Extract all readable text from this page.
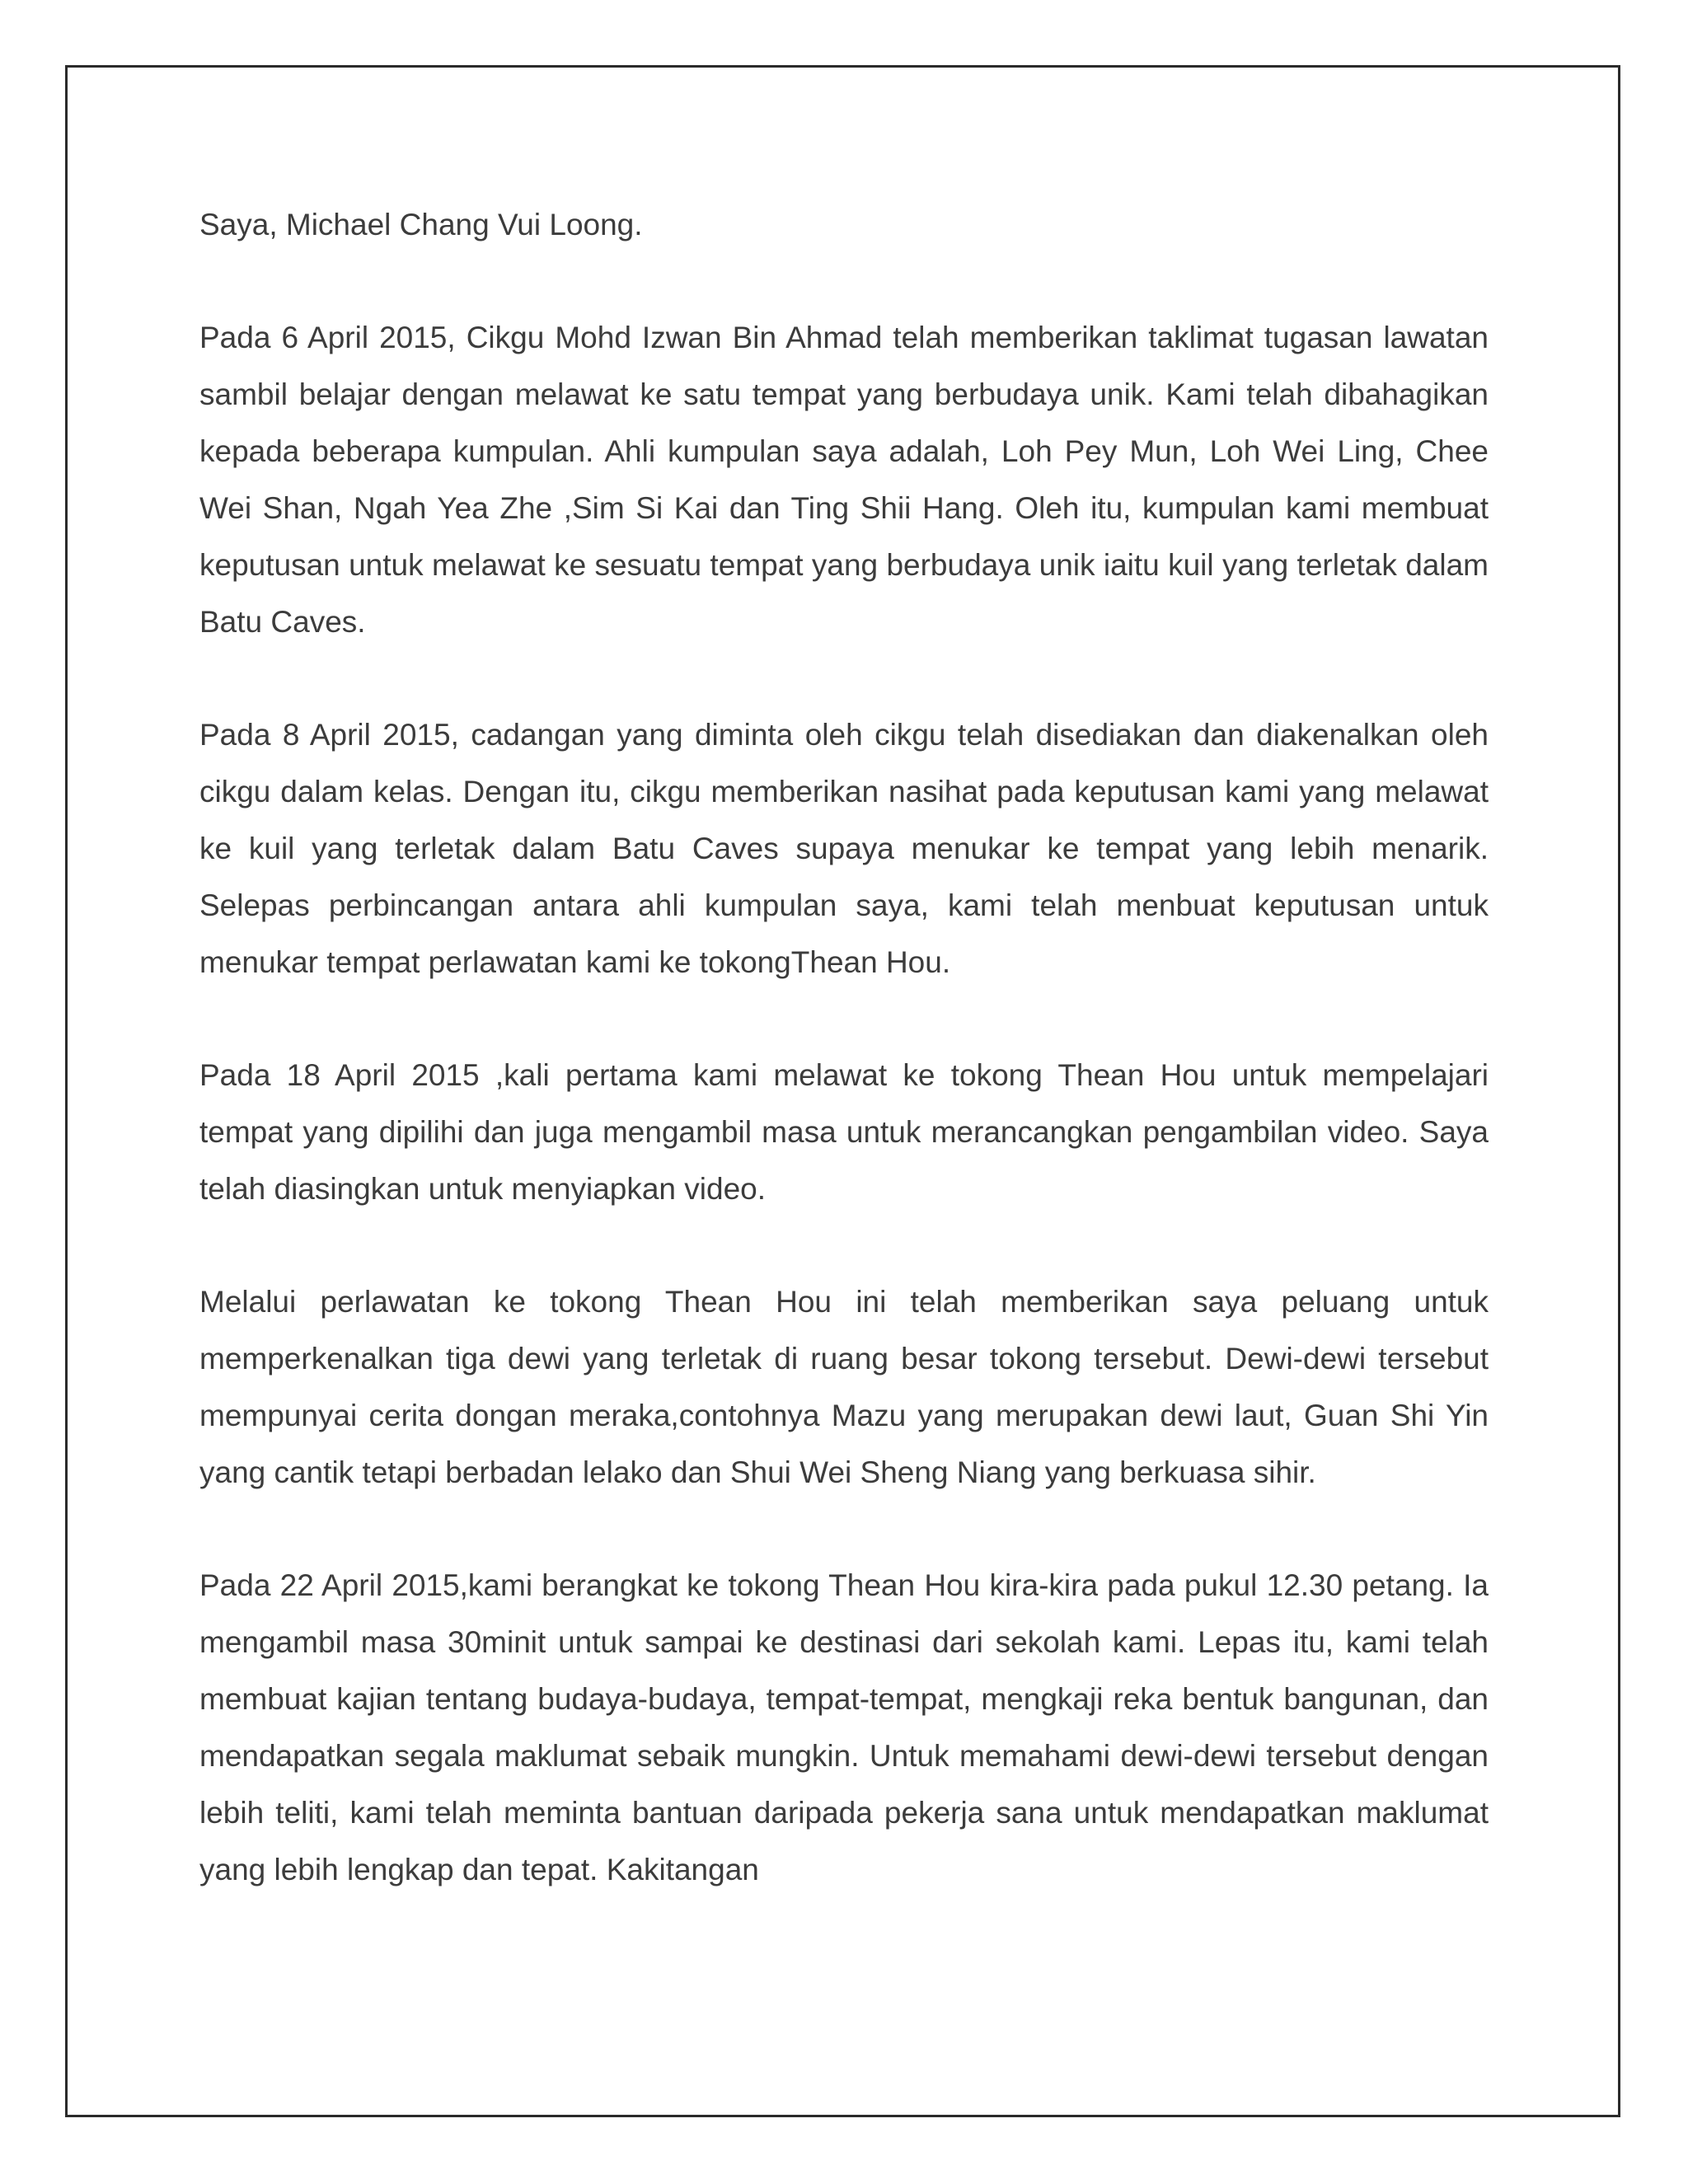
Saya, Michael Chang Vui Loong.

Pada 6 April 2015, Cikgu Mohd Izwan Bin Ahmad telah memberikan taklimat tugasan lawatan sambil belajar dengan melawat ke satu tempat yang berbudaya unik. Kami telah dibahagikan kepada beberapa kumpulan. Ahli kumpulan saya adalah, Loh Pey Mun, Loh Wei Ling, Chee Wei Shan, Ngah Yea Zhe ,Sim Si Kai dan Ting Shii Hang. Oleh itu, kumpulan kami membuat keputusan untuk melawat ke sesuatu tempat yang berbudaya unik iaitu kuil yang terletak dalam Batu Caves.

Pada 8 April 2015, cadangan yang diminta oleh cikgu telah disediakan dan diakenalkan oleh cikgu dalam kelas. Dengan itu, cikgu memberikan nasihat pada keputusan kami yang melawat ke kuil yang terletak dalam Batu Caves supaya menukar ke tempat yang lebih menarik. Selepas perbincangan antara ahli kumpulan saya, kami telah menbuat keputusan untuk menukar tempat perlawatan kami ke tokongThean Hou.

Pada 18 April 2015 ,kali pertama kami melawat ke tokong Thean Hou untuk mempelajari tempat yang dipilihi dan juga mengambil masa untuk merancangkan pengambilan video. Saya telah diasingkan untuk menyiapkan video.

Melalui perlawatan ke tokong Thean Hou ini telah memberikan saya peluang untuk memperkenalkan tiga dewi yang terletak di ruang besar tokong tersebut. Dewi-dewi tersebut mempunyai cerita dongan meraka,contohnya Mazu yang merupakan dewi laut, Guan Shi Yin yang cantik tetapi berbadan lelako dan Shui Wei Sheng Niang yang berkuasa sihir.

Pada 22 April 2015,kami berangkat ke tokong Thean Hou kira-kira pada pukul 12.30 petang. Ia mengambil masa 30minit untuk sampai ke destinasi dari sekolah kami. Lepas itu, kami telah membuat kajian tentang budaya-budaya, tempat-tempat, mengkaji reka bentuk bangunan, dan mendapatkan segala maklumat sebaik mungkin. Untuk memahami dewi-dewi tersebut dengan lebih teliti, kami telah meminta bantuan daripada pekerja sana untuk mendapatkan maklumat yang lebih lengkap dan tepat. Kakitangan
